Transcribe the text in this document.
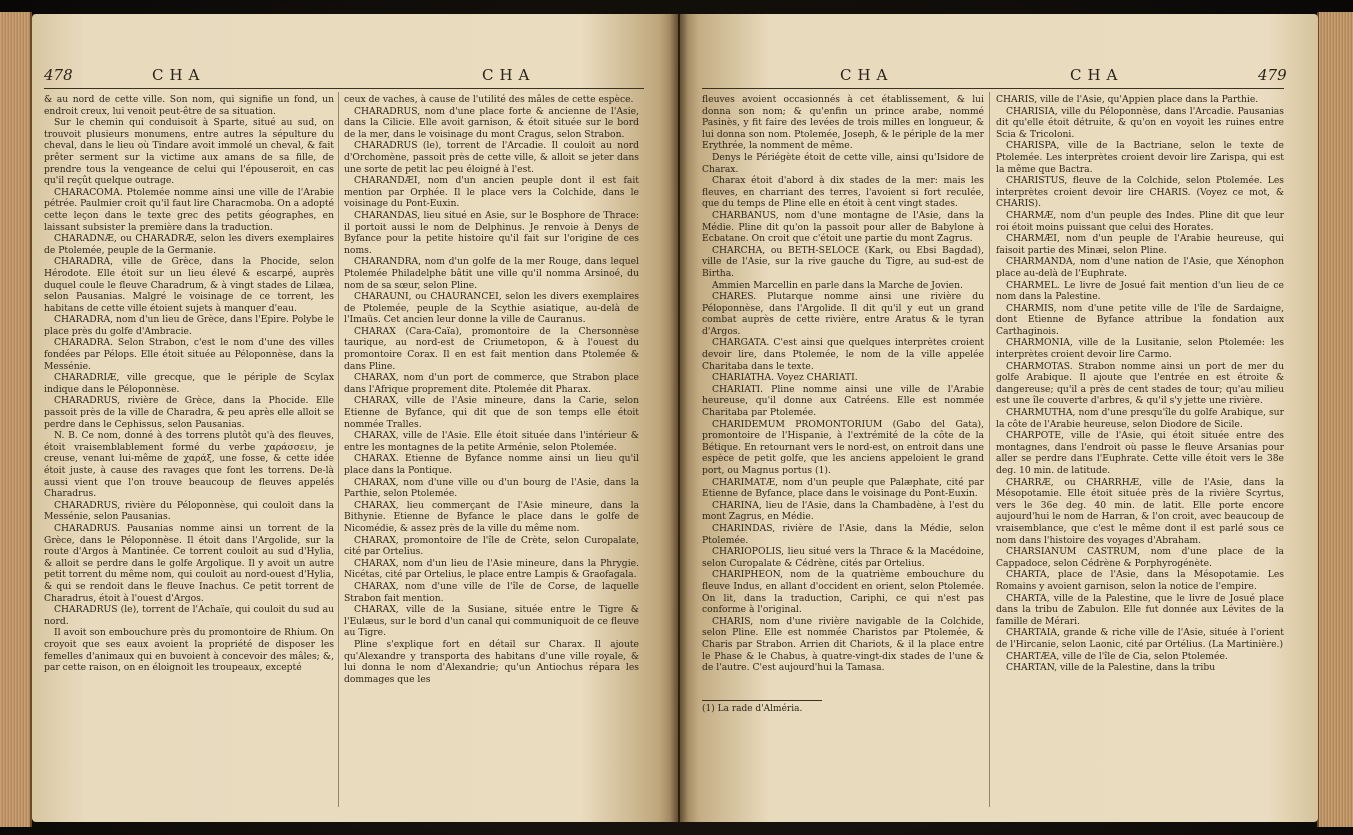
478	CHA	CHA

& au nord de cette ville. Son nom, qui signifie un fond, un endroit creux, lui venoit peut-être de sa situation.

Sur le chemin qui conduisoit à Sparte, situé au sud, on trouvoit plusieurs monumens, entre autres la sépulture du cheval, dans le lieu où Tindare avoit immolé un cheval, & fait prêter serment sur la victime aux amans de sa fille, de prendre tous la vengeance de celui qui l'épouseroit, en cas qu'il reçût quelque outrage.

CHARACOMA. Ptolemée nomme ainsi une ville de l'Arabie pétrée. Paulmier croit qu'il faut lire Characmoba. On a adopté cette leçon dans le texte grec des petits géographes, en laissant subsister la première dans la traduction.

CHARADNÆ, ou CHARADRÆ, selon les divers exemplaires de Ptolemée, peuple de la Germanie.

CHARADRA, ville de Grèce, dans la Phocide, selon Hérodote. Elle étoit sur un lieu élevé & escarpé, auprès duquel coule le fleuve Charadrum, & à vingt stades de Lilæa, selon Pausanias. Malgré le voisinage de ce torrent, les habitans de cette ville étoient sujets à manquer d'eau.

CHARADRA, nom d'un lieu de Grèce, dans l'Epire. Polybe le place près du golfe d'Ambracie.

CHARADRA. Selon Strabon, c'est le nom d'une des villes fondées par Pélops. Elle étoit située au Péloponnèse, dans la Messénie.

CHARADRIÆ, ville grecque, que le périple de Scylax indique dans le Péloponnèse.

CHARADRUS, rivière de Grèce, dans la Phocide. Elle passoit près de la ville de Charadra, & peu après elle alloit se perdre dans le Cephissus, selon Pausanias.

N. B. Ce nom, donné à des torrens plutôt qu'à des fleuves, étoit vraisemblablement formé du verbe χαράσσειν, je creuse, venant lui-même de χαράξ, une fosse, & cette idée étoit juste, à cause des ravages que font les torrens. De-là aussi vient que l'on trouve beaucoup de fleuves appelés Charadrus.

CHARADRUS, rivière du Péloponnèse, qui couloit dans la Messénie, selon Pausanias.

CHARADRUS. Pausanias nomme ainsi un torrent de la Grèce, dans le Péloponnèse. Il étoit dans l'Argolide, sur la route d'Argos à Mantinée. Ce torrent couloit au sud d'Hylia, & alloit se perdre dans le golfe Argolique. Il y avoit un autre petit torrent du même nom, qui couloit au nord-ouest d'Hylia, & qui se rendoit dans le fleuve Inachus. Ce petit torrent de Charadrus, étoit à l'ouest d'Argos.

CHARADRUS (le), torrent de l'Achaïe, qui couloit du sud au nord.

Il avoit son embouchure près du promontoire de Rhium. On croyoit que ses eaux avoient la propriété de disposer les femelles d'animaux qui en buvoient à concevoir des mâles; &, par cette raison, on en éloignoit les troupeaux, excepté

ceux de vaches, à cause de l'utilité des mâles de cette espèce.

CHARADRUS, nom d'une place forte & ancienne de l'Asie, dans la Cilicie. Elle avoit garnison, & étoit située sur le bord de la mer, dans le voisinage du mont Cragus, selon Strabon.

CHARADRUS (le), torrent de l'Arcadie. Il couloit au nord d'Orchomène, passoit près de cette ville, & alloit se jeter dans une sorte de petit lac peu éloigné à l'est.

CHARANDÆI, nom d'un ancien peuple dont il est fait mention par Orphée. Il le place vers la Colchide, dans le voisinage du Pont-Euxin.

CHARANDAS, lieu situé en Asie, sur le Bosphore de Thrace: il portoit aussi le nom de Delphinus. Je renvoie à Denys de Byfance pour la petite histoire qu'il fait sur l'origine de ces noms.

CHARANDRA, nom d'un golfe de la mer Rouge, dans lequel Ptolemée Philadelphe bâtit une ville qu'il nomma Arsinoé, du nom de sa sœur, selon Pline.

CHARAUNI, ou CHAURANCEI, selon les divers exemplaires de Ptolemée, peuple de la Scythie asiatique, au-delà de l'Imaüs. Cet ancien leur donne la ville de Cauranus.

CHARAX (Cara-Caïa), promontoire de la Chersonnèse taurique, au nord-est de Criumetopon, & à l'ouest du promontoire Corax. Il en est fait mention dans Ptolemée & dans Pline.

CHARAX, nom d'un port de commerce, que Strabon place dans l'Afrique proprement dite. Ptolemée dit Pharax.

CHARAX, ville de l'Asie mineure, dans la Carie, selon Etienne de Byfance, qui dit que de son temps elle étoit nommée Tralles.

CHARAX, ville de l'Asie. Elle étoit située dans l'intérieur & entre les montagnes de la petite Arménie, selon Ptolemée.

CHARAX. Etienne de Byfance nomme ainsi un lieu qu'il place dans la Pontique.

CHARAX, nom d'une ville ou d'un bourg de l'Asie, dans la Parthie, selon Ptolemée.

CHARAX, lieu commerçant de l'Asie mineure, dans la Bithynie. Etienne de Byfance le place dans le golfe de Nicomédie, & assez près de la ville du même nom.

CHARAX, promontoire de l'île de Crète, selon Curopalate, cité par Ortelius.

CHARAX, nom d'un lieu de l'Asie mineure, dans la Phrygie. Nicétas, cité par Ortelius, le place entre Lampis & Graofagala.

CHARAX, nom d'une ville de l'île de Corse, de laquelle Strabon fait mention.

CHARAX, ville de la Susiane, située entre le Tigre & l'Eulæus, sur le bord d'un canal qui communiquoit de ce fleuve au Tigre.

Pline s'explique fort en détail sur Charax. Il ajoute qu'Alexandre y transporta des habitans d'une ville royale, & lui donna le nom d'Alexandrie; qu'un Antiochus répara les dommages que les

CHA	CHA	479

fleuves avoient occasionnés à cet établissement, & lui donna son nom; & qu'enfin un prince arabe, nommé Pasinès, y fit faire des levées de trois milles en longueur, & lui donna son nom. Ptolemée, Joseph, & le périple de la mer Erythrée, la nomment de même.

Denys le Périégète étoit de cette ville, ainsi qu'Isidore de Charax.

Charax étoit d'abord à dix stades de la mer: mais les fleuves, en charriant des terres, l'avoient si fort reculée, que du temps de Pline elle en étoit à cent vingt stades.

CHARBANUS, nom d'une montagne de l'Asie, dans la Médie. Pline dit qu'on la passoit pour aller de Babylone à Ecbatane. On croit que c'étoit une partie du mont Zagrus.

CHARCHA, ou BETH-SELOCE (Kark, ou Ebsi Bagdad), ville de l'Asie, sur la rive gauche du Tigre, au sud-est de Birtha.

Ammien Marcellin en parle dans la Marche de Jovien.

CHARES. Plutarque nomme ainsi une rivière du Péloponnèse, dans l'Argolide. Il dit qu'il y eut un grand combat auprès de cette rivière, entre Aratus & le tyran d'Argos.

CHARGATA. C'est ainsi que quelques interprètes croient devoir lire, dans Ptolemée, le nom de la ville appelée Charitaba dans le texte.

CHARIATHA. Voyez CHARIATI.

CHARIATI. Pline nomme ainsi une ville de l'Arabie heureuse, qu'il donne aux Catréens. Elle est nommée Charitaba par Ptolemée.

CHARIDEMUM PROMONTORIUM (Gabo del Gata), promontoire de l'Hispanie, à l'extrémité de la côte de la Bétique. En retournant vers le nord-est, on entroit dans une espèce de petit golfe, que les anciens appeloient le grand port, ou Magnus portus (1).

CHARIMATÆ, nom d'un peuple que Palæphate, cité par Etienne de Byfance, place dans le voisinage du Pont-Euxin.

CHARINA, lieu de l'Asie, dans la Chambadène, à l'est du mont Zagrus, en Médie.

CHARINDAS, rivière de l'Asie, dans la Médie, selon Ptolemée.

CHARIOPOLIS, lieu situé vers la Thrace & la Macédoine, selon Curopalate & Cédrène, cités par Ortelius.

CHARIPHEON, nom de la quatrième embouchure du fleuve Indus, en allant d'occident en orient, selon Ptolemée. On lit, dans la traduction, Cariphi, ce qui n'est pas conforme à l'original.

CHARIS, nom d'une rivière navigable de la Colchide, selon Pline. Elle est nommée Charistos par Ptolemée, & Charis par Strabon. Arrien dit Chariots, & il la place entre le Phase & le Chabus, à quatre-vingt-dix stades de l'une & de l'autre. C'est aujourd'hui la Tamasa.

(1) La rade d'Alméria.

CHARIS, ville de l'Asie, qu'Appien place dans la Parthie.

CHARISIA, ville du Péloponnèse, dans l'Arcadie. Pausanias dit qu'elle étoit détruite, & qu'on en voyoit les ruines entre Scia & Tricoloni.

CHARISPA, ville de la Bactriane, selon le texte de Ptolemée. Les interprètes croient devoir lire Zarispa, qui est la même que Bactra.

CHARISTUS, fleuve de la Colchide, selon Ptolemée. Les interprètes croient devoir lire CHARIS. (Voyez ce mot, & CHARIS).

CHARMÆ, nom d'un peuple des Indes. Pline dit que leur roi étoit moins puissant que celui des Horates.

CHARMÆI, nom d'un peuple de l'Arabie heureuse, qui faisoit partie des Minæi, selon Pline.

CHARMANDA, nom d'une nation de l'Asie, que Xénophon place au-delà de l'Euphrate.

CHARMEL. Le livre de Josué fait mention d'un lieu de ce nom dans la Palestine.

CHARMIS, nom d'une petite ville de l'île de Sardaigne, dont Etienne de Byfance attribue la fondation aux Carthaginois.

CHARMONIA, ville de la Lusitanie, selon Ptolemée: les interprètes croient devoir lire Carmo.

CHARMOTAS. Strabon nomme ainsi un port de mer du golfe Arabique. Il ajoute que l'entrée en est étroite & dangereuse; qu'il a près de cent stades de tour; qu'au milieu est une île couverte d'arbres, & qu'il s'y jette une rivière.

CHARMUTHA, nom d'une presqu'île du golfe Arabique, sur la côte de l'Arabie heureuse, selon Diodore de Sicile.

CHARPOTE, ville de l'Asie, qui étoit située entre des montagnes, dans l'endroit où passe le fleuve Arsanias pour aller se perdre dans l'Euphrate. Cette ville étoit vers le 38e deg. 10 min. de latitude.

CHARRÆ, ou CHARRHÆ, ville de l'Asie, dans la Mésopotamie. Elle étoit située près de la rivière Scyrtus, vers le 36e deg. 40 min. de latit. Elle porte encore aujourd'hui le nom de Harran, & l'on croit, avec beaucoup de vraisemblance, que c'est le même dont il est parlé sous ce nom dans l'histoire des voyages d'Abraham.

CHARSIANUM CASTRUM, nom d'une place de la Cappadoce, selon Cédrène & Porphyrogénète.

CHARTA, place de l'Asie, dans la Mésopotamie. Les Romains y avoient garnison, selon la notice de l'empire.

CHARTA, ville de la Palestine, que le livre de Josué place dans la tribu de Zabulon. Elle fut donnée aux Lévites de la famille de Mérari.

CHARTAIA, grande & riche ville de l'Asie, située à l'orient de l'Hircanie, selon Laonic, cité par Ortélius. (La Martinière.)

CHARTÆA, ville de l'île de Cia, selon Ptolemée.

CHARTAN, ville de la Palestine, dans la tribu
